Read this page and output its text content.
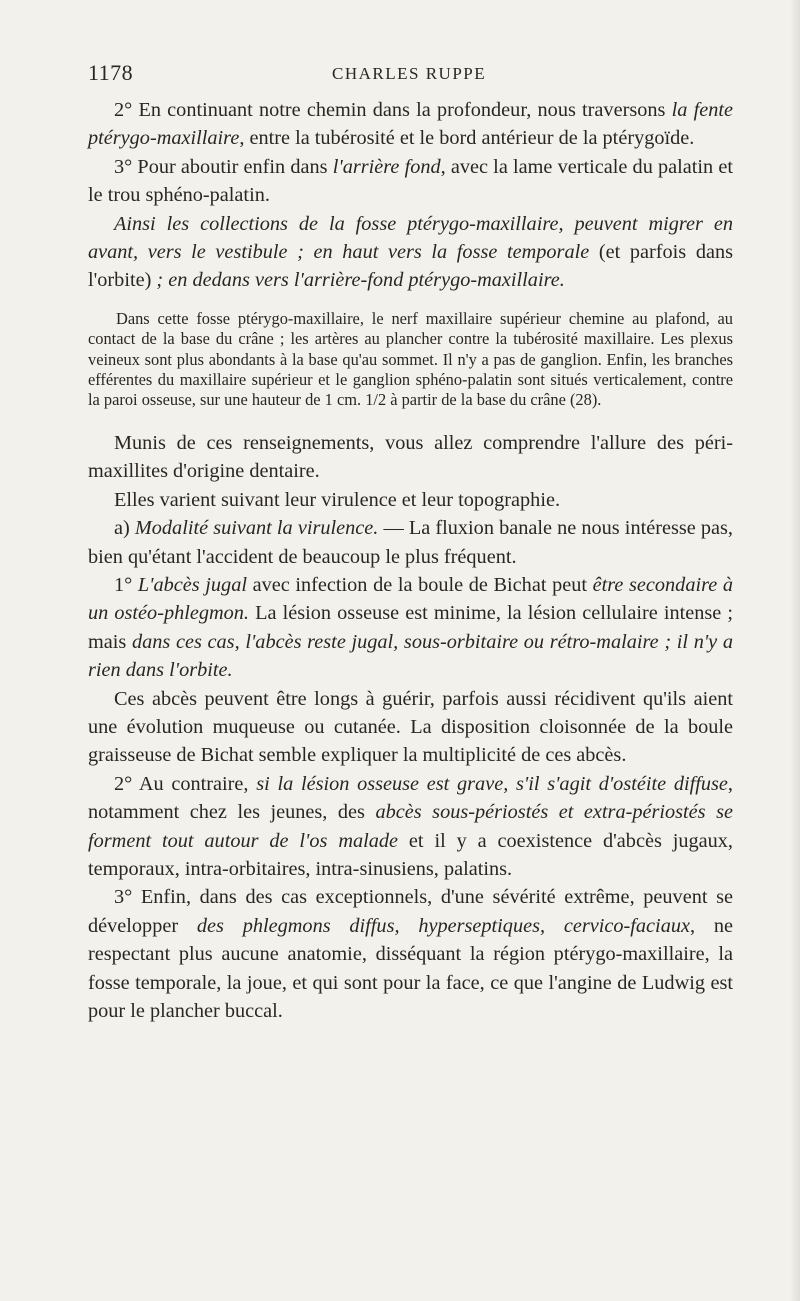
1178	CHARLES RUPPE

2° En continuant notre chemin dans la profondeur, nous traversons la fente ptérygo-maxillaire, entre la tubérosité et le bord antérieur de la ptérygoïde.

3° Pour aboutir enfin dans l'arrière fond, avec la lame verticale du palatin et le trou sphéno-palatin.

Ainsi les collections de la fosse ptérygo-maxillaire, peuvent migrer en avant, vers le vestibule ; en haut vers la fosse temporale (et parfois dans l'orbite) ; en dedans vers l'arrière-fond ptérygo-maxillaire.

Dans cette fosse ptérygo-maxillaire, le nerf maxillaire supérieur chemine au plafond, au contact de la base du crâne ; les artères au plancher contre la tubérosité maxillaire. Les plexus veineux sont plus abondants à la base qu'au sommet. Il n'y a pas de ganglion. Enfin, les branches efférentes du maxillaire supérieur et le ganglion sphéno-palatin sont situés verticalement, contre la paroi osseuse, sur une hauteur de 1 cm. 1/2 à partir de la base du crâne (28).

Munis de ces renseignements, vous allez comprendre l'allure des péri-maxillites d'origine dentaire.

Elles varient suivant leur virulence et leur topographie.

a) Modalité suivant la virulence. — La fluxion banale ne nous intéresse pas, bien qu'étant l'accident de beaucoup le plus fréquent.

1° L'abcès jugal avec infection de la boule de Bichat peut être secondaire à un ostéo-phlegmon. La lésion osseuse est minime, la lésion cellulaire intense ; mais dans ces cas, l'abcès reste jugal, sous-orbitaire ou rétro-malaire ; il n'y a rien dans l'orbite.

Ces abcès peuvent être longs à guérir, parfois aussi récidivent qu'ils aient une évolution muqueuse ou cutanée. La disposition cloisonnée de la boule graisseuse de Bichat semble expliquer la multiplicité de ces abcès.

2° Au contraire, si la lésion osseuse est grave, s'il s'agit d'ostéite diffuse, notamment chez les jeunes, des abcès sous-périostés et extra-périostés se forment tout autour de l'os malade et il y a coexistence d'abcès jugaux, temporaux, intra-orbitaires, intra-sinusiens, palatins.

3° Enfin, dans des cas exceptionnels, d'une sévérité extrême, peuvent se développer des phlegmons diffus, hyperseptiques, cervico-faciaux, ne respectant plus aucune anatomie, disséquant la région ptérygo-maxillaire, la fosse temporale, la joue, et qui sont pour la face, ce que l'angine de Ludwig est pour le plancher buccal.
